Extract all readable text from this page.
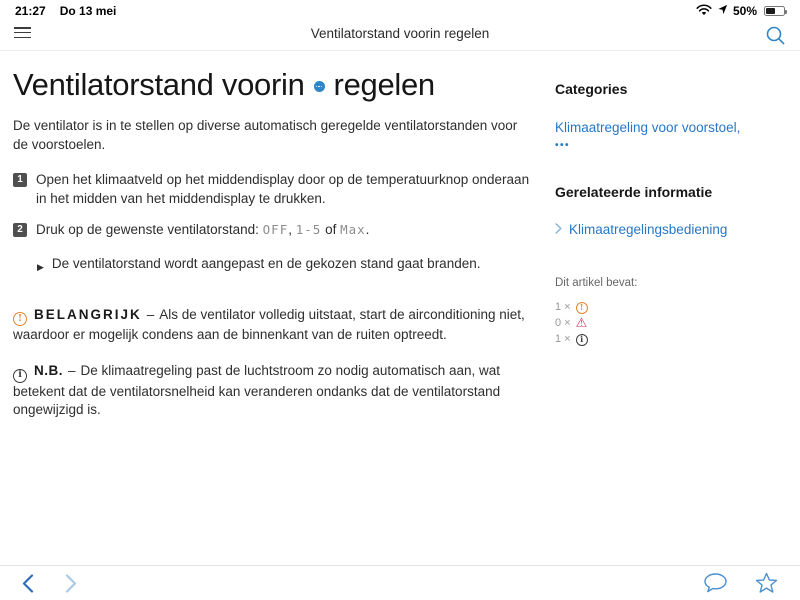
21:27 Do 13 mei	50%
Ventilatorstand voorin regelen
Ventilatorstand voorin regelen

De ventilator is in te stellen op diverse automatisch geregelde ventilatorstanden voor de voorstoelen.

1 Open het klimaatveld op het middendisplay door op de temperatuurknop onderaan in het midden van het middendisplay te drukken.
2 Druk op de gewenste ventilatorstand: OFF, 1-5 of Max.
▶ De ventilatorstand wordt aangepast en de gekozen stand gaat branden.

! BELANGRIJK – Als de ventilator volledig uitstaat, start de airconditioning niet, waardoor er mogelijk condens aan de binnenkant van de ruiten optreedt.

i N.B. – De klimaatregeling past de luchtstroom zo nodig automatisch aan, wat betekent dat de ventilatorsnelheid kan veranderen ondanks dat de ventilatorstand ongewijzigd is.

Categories
Klimaatregeling voor voorstoel,
•••
Gerelateerde informatie
Klimaatregelingsbediening
Dit artikel bevat:
1 ×	!
0 × ⚠
1 ×	i
